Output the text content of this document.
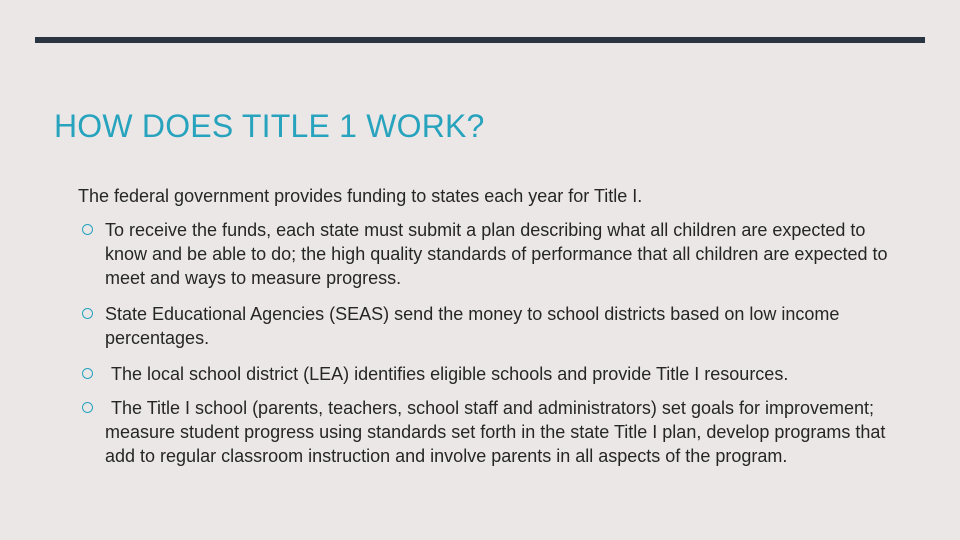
HOW DOES TITLE 1 WORK?

The federal government provides funding to states each year for Title I.

To receive the funds, each state must submit a plan describing what all children are expected to know and be able to do; the high quality standards of performance that all children are expected to meet and ways to measure progress.
State Educational Agencies (SEAS) send the money to school districts based on low income percentages.
The local school district (LEA) identifies eligible schools and provide Title I resources.
The Title I school (parents, teachers, school staff and administrators) set goals for improvement; measure student progress using standards set forth in the state Title I plan, develop programs that add to regular classroom instruction and involve parents in all aspects of the program.
